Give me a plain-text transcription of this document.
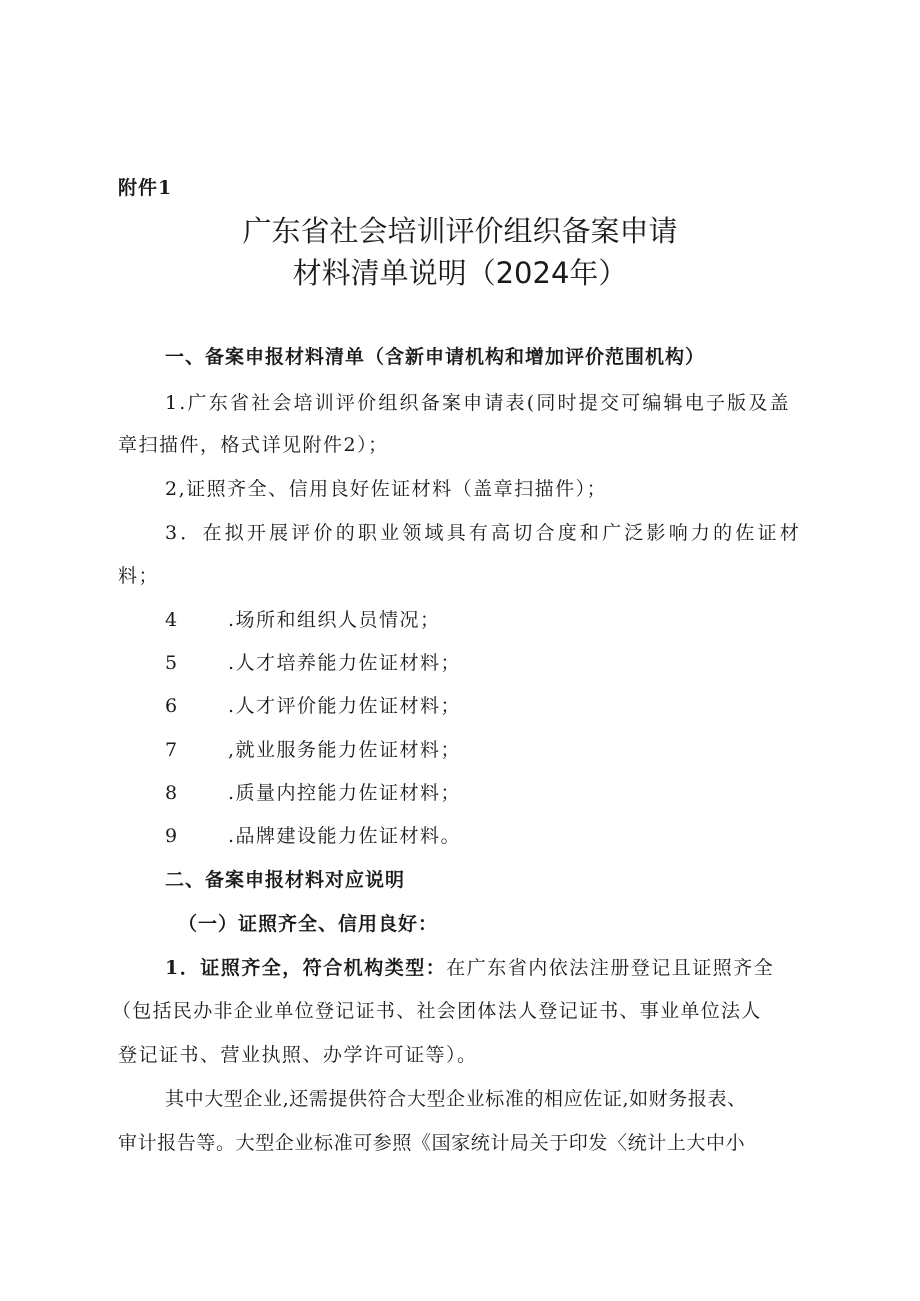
附件1
广东省社会培训评价组织备案申请
材料清单说明（2024年）
一、备案申报材料清单（含新申请机构和增加评价范围机构）
1.广东省社会培训评价组织备案申请表(同时提交可编辑电子版及盖
章扫描件，格式详见附件2）；
2,证照齐全、信用良好佐证材料（盖章扫描件）；
3．在拟开展评价的职业领域具有高切合度和广泛影响力的佐证材
料；
4	.场所和组织人员情况；
5	.人才培养能力佐证材料；
6	.人才评价能力佐证材料；
7	,就业服务能力佐证材料；
8	.质量内控能力佐证材料；
9	.品牌建设能力佐证材料。
二、备案申报材料对应说明
（一）证照齐全、信用良好：
1．证照齐全，符合机构类型：在广东省内依法注册登记且证照齐全
（包括民办非企业单位登记证书、社会团体法人登记证书、事业单位法人
登记证书、营业执照、办学许可证等）。
其中大型企业,还需提供符合大型企业标准的相应佐证,如财务报表、
审计报告等。大型企业标准可参照《国家统计局关于印发〈统计上大中小
